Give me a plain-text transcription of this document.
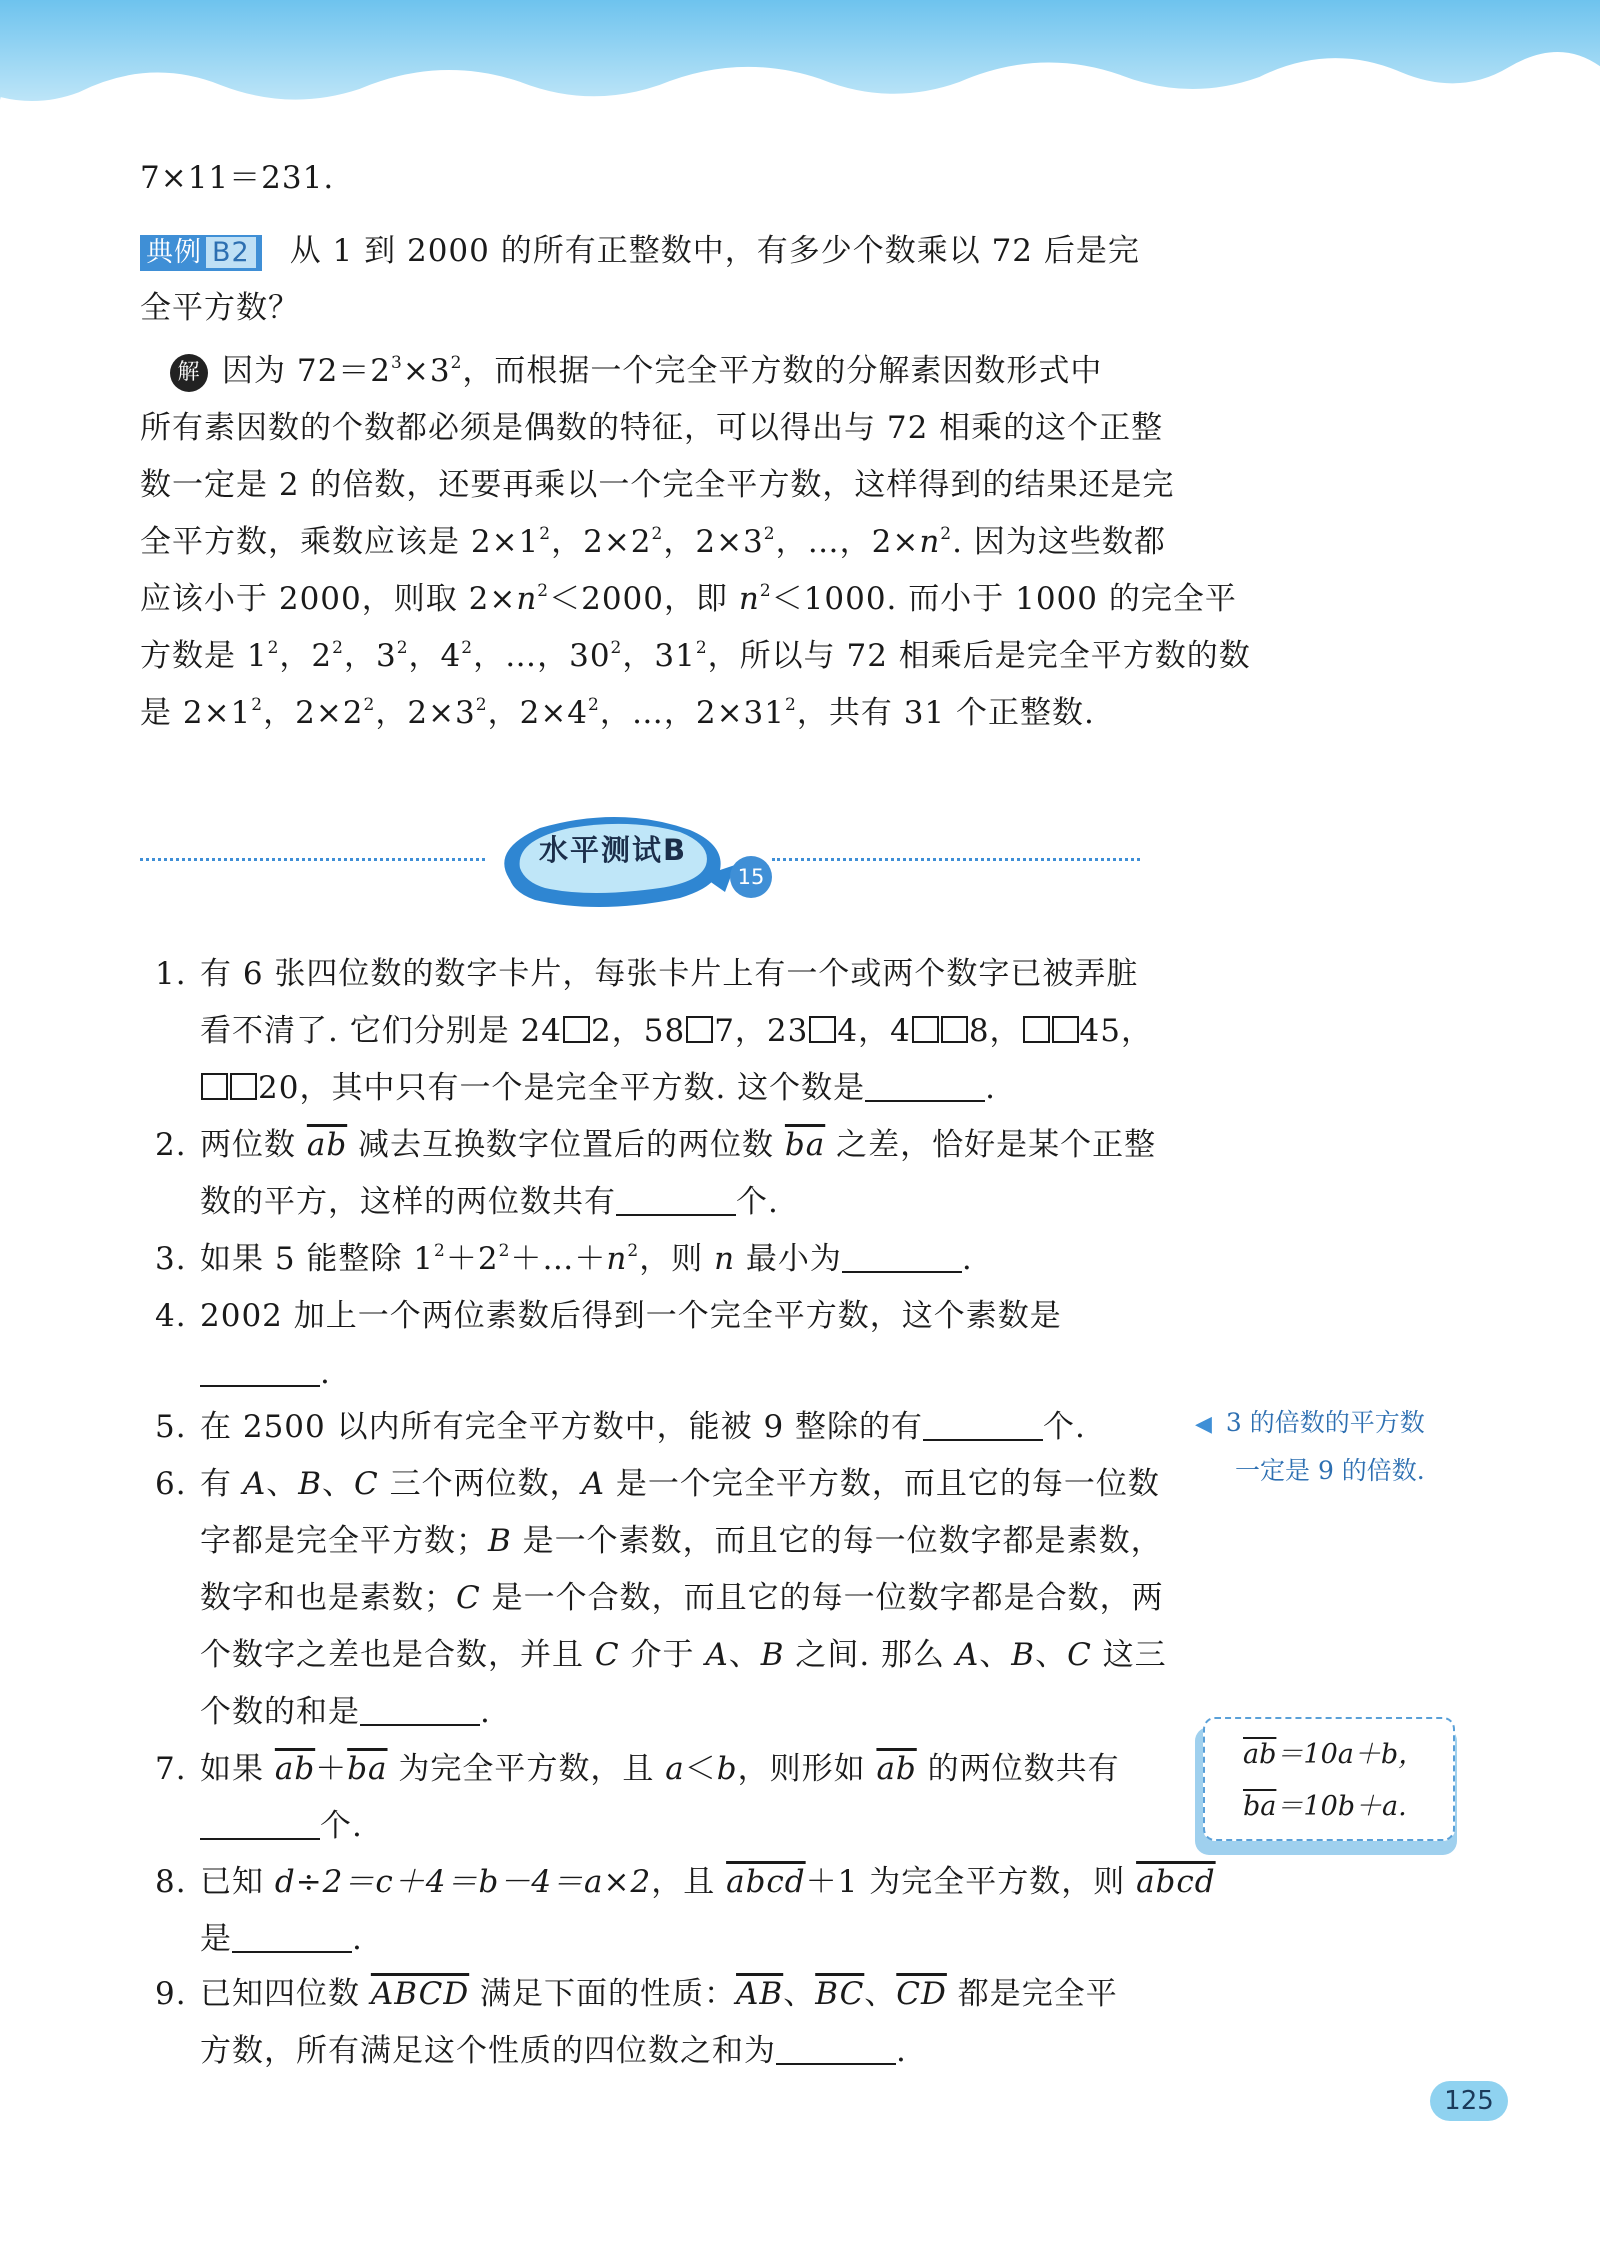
7×11＝231.
典例 B2 从 1 到 2000 的所有正整数中，有多少个数乘以 72 后是完
全平方数？
解 因为 $72=2^3\times 3^2$，而根据一个完全平方数的分解素因数形式中
所有素因数的个数都必须是偶数的特征，可以得出与 72 相乘的这个正整
数一定是 2 的倍数，还要再乘以一个完全平方数，这样得到的结果还是完
全平方数，乘数应该是 $2\times 1^2$，$2\times 2^2$，$2\times 3^2$，…，$2\times n^2$. 因为这些数都
应该小于 2000，则取 $2\times n^2<2000$，即 $n^2<1000$. 而小于 1000 的完全平
方数是 $1^2$，$2^2$，$3^2$，$4^2$，…，$30^2$，$31^2$，所以与 72 相乘后是完全平方数的数
是 $2\times 1^2$，$2\times 2^2$，$2\times 3^2$，$2\times 4^2$，…，$2\times 31^2$，共有 31 个正整数.
水平测试B
15
1. 有 6 张四位数的数字卡片，每张卡片上有一个或两个数字已被弄脏
看不清了. 它们分别是 24 2，58 7，23 4，4 8， 45，
20，其中只有一个是完全平方数. 这个数是	.
2. 两位数 $\overline{ab}$ 减去互换数字位置后的两位数 $\overline{ba}$ 之差，恰好是某个正整
数的平方，这样的两位数共有	个.
3. 如果 5 能整除 $1^2+2^2+\dots+n^2$，则 n 最小为	.
4. 2002 加上一个两位素数后得到一个完全平方数，这个素数是
.
5. 在 2500 以内所有完全平方数中，能被 9 整除的有	个.
6. 有 A、B、C 三个两位数，A 是一个完全平方数，而且它的每一位数
字都是完全平方数；B 是一个素数，而且它的每一位数字都是素数，
数字和也是素数；C 是一个合数，而且它的每一位数字都是合数，两
个数字之差也是合数，并且 C 介于 A、B 之间. 那么 A、B、C 这三
个数的和是	.
7. 如果 $\overline{ab}+\overline{ba}$ 为完全平方数，且 a＜b，则形如 $\overline{ab}$ 的两位数共有
个.
8. 已知 d÷2＝c＋4＝b－4＝a×2，且 abcd＋1 为完全平方数，则 abcd
是	.
9. 已知四位数 ABCD 满足下面的性质：$\overline{AB}$、$\overline{BC}$、$\overline{CD}$ 都是完全平
方数，所有满足这个性质的四位数之和为	.
◀ 3 的倍数的平方数
一定是 9 的倍数.
$\overline{ab}=10a+b$，
$\overline{ba}=10b+a$.
125
